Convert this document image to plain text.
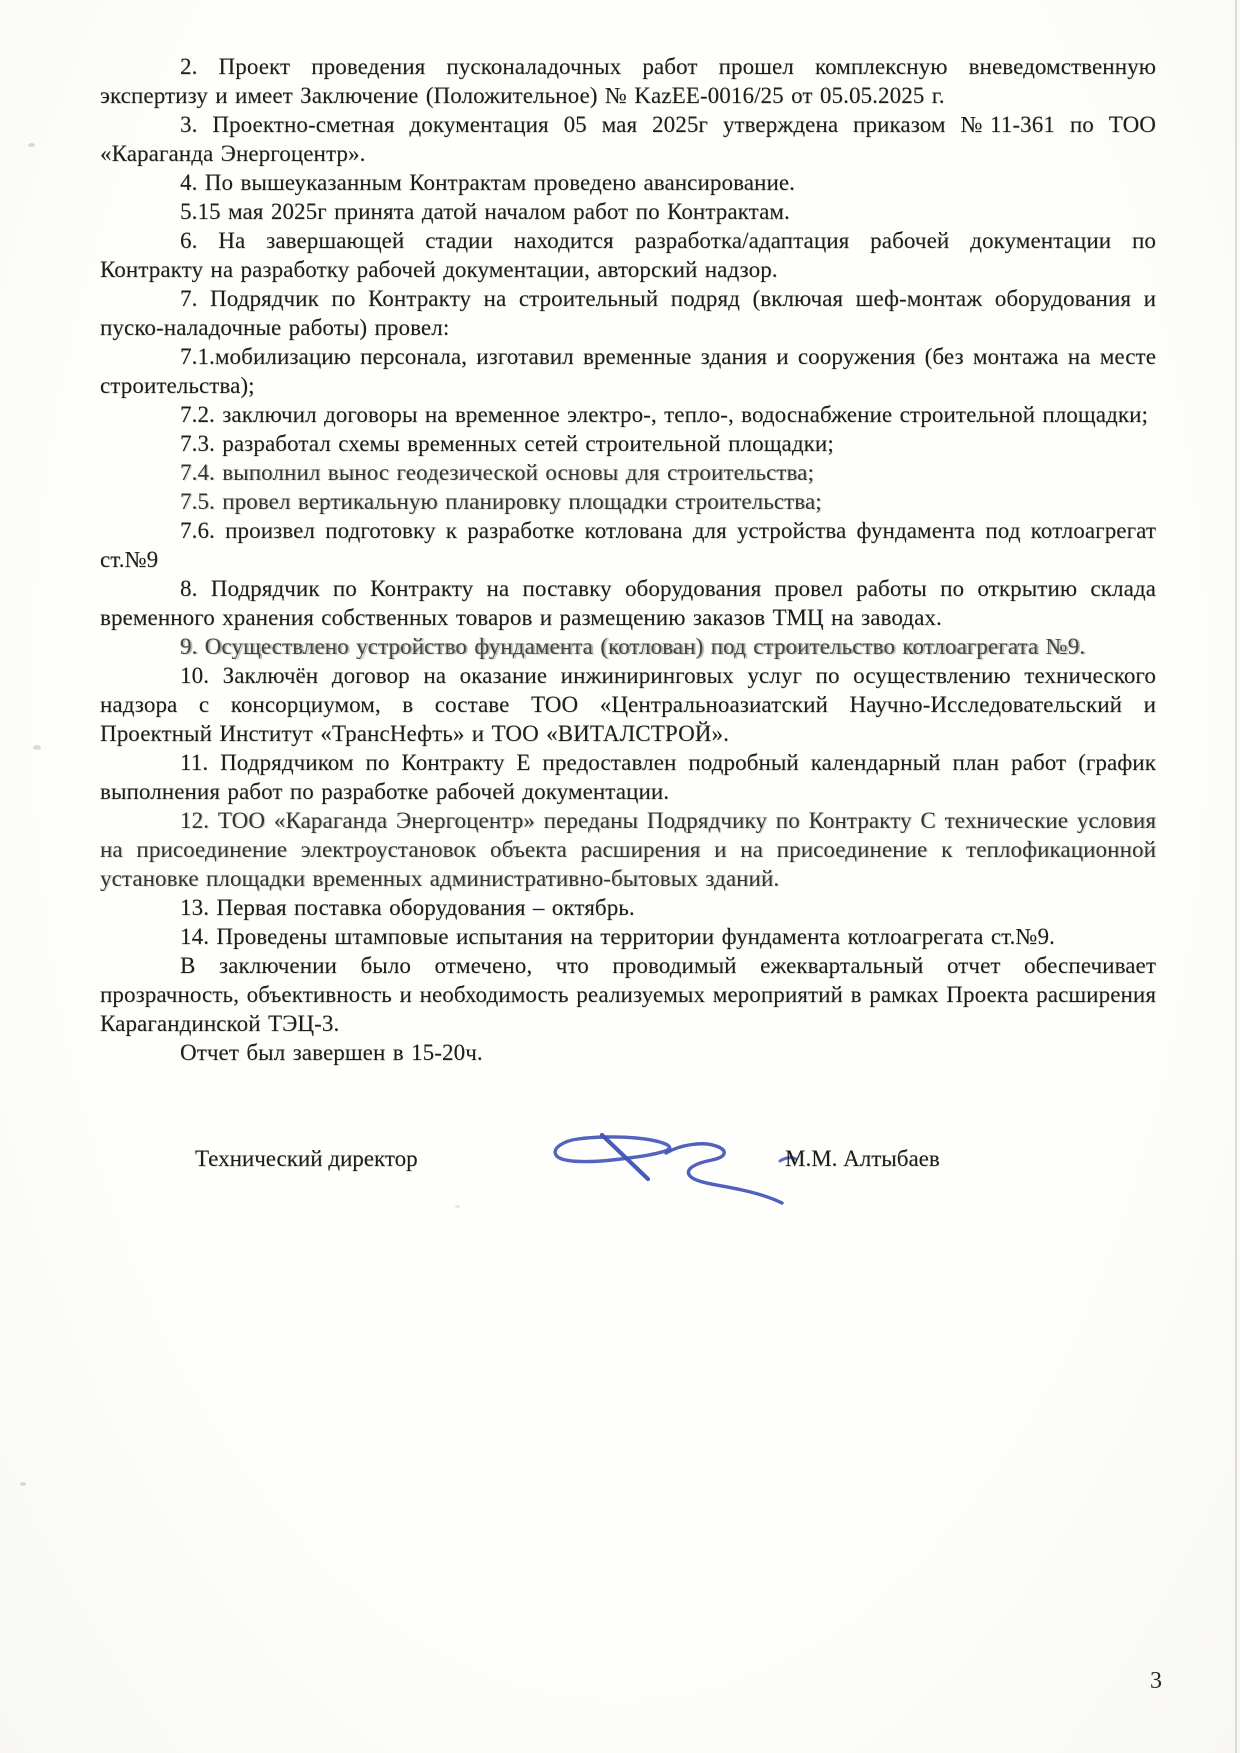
2. Проект проведения пусконаладочных работ прошел комплексную вневедомственную экспертизу и имеет Заключение (Положительное) № KazEE-0016/25 от 05.05.2025 г.

3. Проектно-сметная документация 05 мая 2025г утверждена приказом №11-361 по ТОО «Караганда Энергоцентр».

4. По вышеуказанным Контрактам проведено авансирование.

5.15 мая 2025г принята датой началом работ по Контрактам.

6. На завершающей стадии находится разработка/адаптация рабочей документации по Контракту на разработку рабочей документации, авторский надзор.

7. Подрядчик по Контракту на строительный подряд (включая шеф-монтаж оборудования и пуско-наладочные работы) провел:

7.1.мобилизацию персонала, изготавил временные здания и сооружения (без монтажа на месте строительства);

7.2. заключил договоры на временное электро-, тепло-, водоснабжение строительной площадки;

7.3. разработал схемы временных сетей строительной площадки;

7.4. выполнил вынос геодезической основы для строительства;

7.5. провел вертикальную планировку площадки строительства;

7.6. произвел подготовку к разработке котлована для устройства фундамента под котлоагрегат ст.№9

8. Подрядчик по Контракту на поставку оборудования провел работы по открытию склада временного хранения собственных товаров и размещению заказов ТМЦ на заводах.

9. Осуществлено устройство фундамента (котлован) под строительство котлоагрегата №9.

10. Заключён договор на оказание инжиниринговых услуг по осуществлению технического надзора с консорциумом, в составе ТОО «Центральноазиатский Научно-Исследовательский и Проектный Институт «ТрансНефть» и ТОО «ВИТАЛСТРОЙ».

11. Подрядчиком по Контракту Е предоставлен подробный календарный план работ (график выполнения работ по разработке рабочей документации.

12. ТОО «Караганда Энергоцентр» переданы Подрядчику по Контракту С технические условия на присоединение электроустановок объекта расширения и на присоединение к теплофикационной установке площадки временных административно-бытовых зданий.

13. Первая поставка оборудования – октябрь.

14. Проведены штамповые испытания на территории фундамента котлоагрегата ст.№9.

В заключении было отмечено, что проводимый ежеквартальный отчет обеспечивает прозрачность, объективность и необходимость реализуемых мероприятий в рамках Проекта расширения Карагандинской ТЭЦ-3.

Отчет был завершен в 15-20ч.

Технический директор	М.М. Алтыбаев
3
